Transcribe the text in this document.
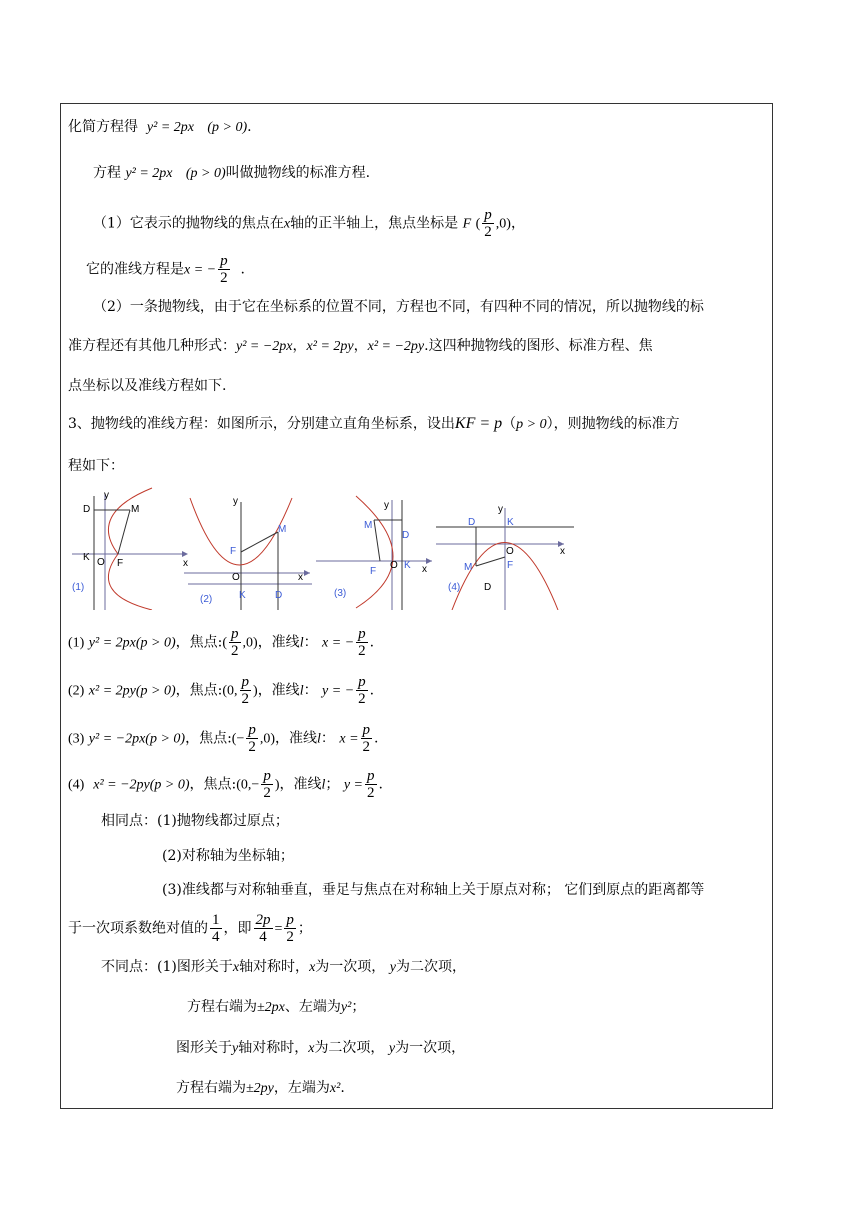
化简方程得 y² = 2px (p > 0).
方程 y² = 2px (p > 0)叫做抛物线的标准方程.
（1）它表示的抛物线的焦点在x轴的正半轴上，焦点坐标是 F ( $\frac{p}{2} ,0$)，
它的准线方程是x = − $\frac{p}{2}$ .
（2）一条抛物线，由于它在坐标系的位置不同，方程也不同，有四种不同的情况，所以抛物线的标
准方程还有其他几种形式：y² = −2px，x² = 2py，x² = −2py.这四种抛物线的图形、标准方程、焦
点坐标以及准线方程如下.
3、抛物线的准线方程：如图所示，分别建立直角坐标系，设出KF = p（p > 0），则抛物线的标准方
程如下：
y
x
D	M
K O F
(1)
y
x
F
M
O
K	D
(2)
y
x
M
D
F
O K
(3)
y
x
D	K
O
M	F
D
(4)
(1) y² = 2px(p > 0)，焦点:( $\frac{p}{2} ,0$)，准线l： x = − $\frac{p}{2}$ .
(2) x² = 2py(p > 0)，焦点:(0, $\frac{p}{2}$ )，准线l： y = − $\frac{p}{2}$ .
(3) y² = −2px(p > 0)，焦点:(− $\frac{p}{2} ,0$)，准线l： $x = \frac{p}{2}$ .
(4) x² = −2py(p > 0)，焦点:(0,− $\frac{p}{2}$ )，准线l； $y = \frac{p}{2}$ .
相同点：(1)抛物线都过原点；
(2)对称轴为坐标轴；
(3)准线都与对称轴垂直，垂足与焦点在对称轴上关于原点对称； 它们到原点的距离都等
于一次项系数绝对值的 $\frac{1}{4}$ ，即 $\frac{2p}{4} = \frac{p}{2}$ ；
不同点：(1)图形关于x轴对称时，x为一次项， y为二次项，
方程右端为±2px、左端为y²；
图形关于y轴对称时，x为二次项， y为一次项，
方程右端为±2py，左端为x².
